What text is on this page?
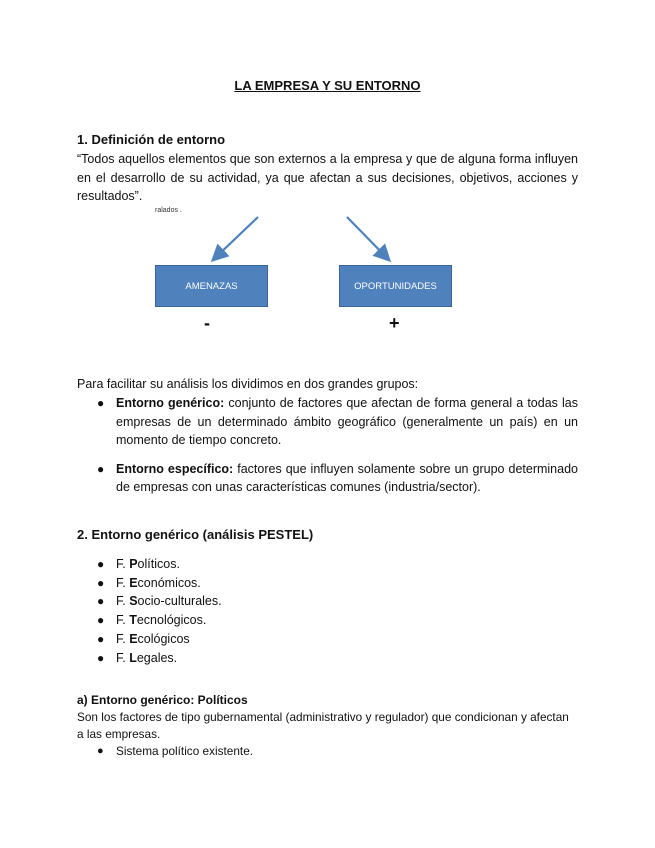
LA EMPRESA Y SU ENTORNO
1. Definición de entorno
“Todos aquellos elementos que son externos a la empresa y que de alguna forma influyen en el desarrollo de su actividad, ya que afectan a sus decisiones, objetivos, acciones y resultados”.
ralados .
AMENAZAS	OPORTUNIDADES
-	+
Para facilitar su análisis los dividimos en dos grandes grupos:
● Entorno genérico: conjunto de factores que afectan de forma general a todas las empresas de un determinado ámbito geográfico (generalmente un país) en un momento de tiempo concreto.
● Entorno específico: factores que influyen solamente sobre un grupo determinado de empresas con unas características comunes (industria/sector).
2. Entorno genérico (análisis PESTEL)
● F. Políticos.
● F. Económicos.
● F. Socio-culturales.
● F. Tecnológicos.
● F. Ecológicos
● F. Legales.
a) Entorno genérico: Políticos
Son los factores de tipo gubernamental (administrativo y regulador) que condicionan y afectan a las empresas.
● Sistema político existente.
